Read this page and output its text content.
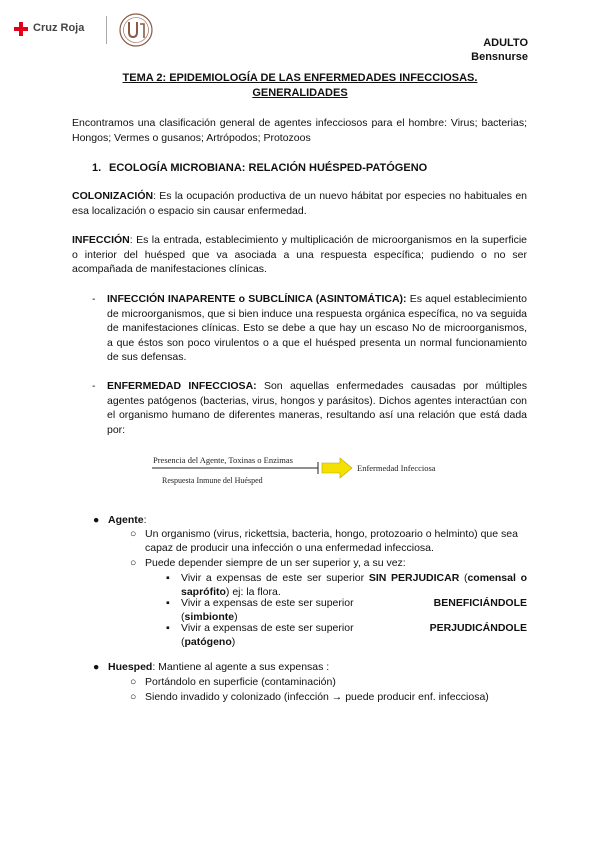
Cruz Roja
ADULTO
Bensnurse
TEMA 2: EPIDEMIOLOGÍA DE LAS ENFERMEDADES INFECCIOSAS.
GENERALIDADES
Encontramos una clasificación general de agentes infecciosos para el hombre: Virus; bacterias; Hongos; Vermes o gusanos; Artrópodos; Protozoos
1. ECOLOGÍA MICROBIANA: RELACIÓN HUÉSPED-PATÓGENO
COLONIZACIÓN: Es la ocupación productiva de un nuevo hábitat por especies no habituales en esa localización o espacio sin causar enfermedad.
INFECCIÓN: Es la entrada, establecimiento y multiplicación de microorganismos en la superficie o interior del huésped que va asociada a una respuesta específica; pudiendo o no ser acompañada de manifestaciones clínicas.
- INFECCIÓN INAPARENTE o SUBCLÍNICA (ASINTOMÁTICA): Es aquel establecimiento de microorganismos, que si bien induce una respuesta orgánica específica, no va seguida de manifestaciones clínicas. Esto se debe a que hay un escaso No de microorganismos, a que éstos son poco virulentos o a que el huésped presenta un normal funcionamiento de sus defensas.
- ENFERMEDAD INFECCIOSA: Son aquellas enfermedades causadas por múltiples agentes patógenos (bacterias, virus, hongos y parásitos). Dichos agentes interactúan con el organismo humano de diferentes maneras, resultando así una relación que está dada por:
Presencia del Agente, Toxinas o Enzimas
Respuesta Inmune del Huésped
Enfermedad Infecciosa
● Agente:
○ Un organismo (virus, rickettsia, bacteria, hongo, protozoario o helminto) que sea capaz de producir una infección o una enfermedad infecciosa.
○ Puede depender siempre de un ser superior y, a su vez:
▪ Vivir a expensas de este ser superior SIN PERJUDICAR (comensal o saprófito) ej: la flora.
▪ Vivir a expensas de este ser superior	BENEFICIÁNDOLE
(simbionte)
▪ Vivir a expensas de este ser superior	PERJUDICÁNDOLE
(patógeno)
● Huesped: Mantiene al agente a sus expensas :
○ Portándolo en superficie (contaminación)
○ Siendo invadido y colonizado (infección → puede producir enf. infecciosa)
